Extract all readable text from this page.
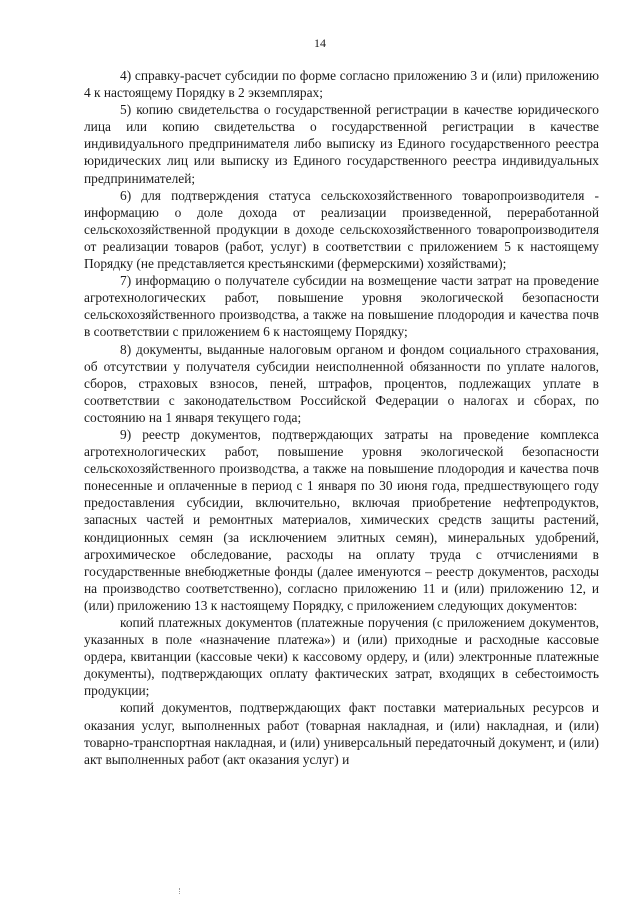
14

4) справку-расчет субсидии по форме согласно приложению 3 и (или) приложению 4 к настоящему Порядку в 2 экземплярах;

5) копию свидетельства о государственной регистрации в качестве юридического лица или копию свидетельства о государственной регистрации в качестве индивидуального предпринимателя либо выписку из Единого государственного реестра юридических лиц или выписку из Единого государственного реестра индивидуальных предпринимателей;

6) для подтверждения статуса сельскохозяйственного товаропроизводителя - информацию о доле дохода от реализации произведенной, переработанной сельскохозяйственной продукции в доходе сельскохозяйственного товаропроизводителя от реализации товаров (работ, услуг) в соответствии с приложением 5 к настоящему Порядку (не представляется крестьянскими (фермерскими) хозяйствами);

7) информацию о получателе субсидии на возмещение части затрат на проведение агротехнологических работ, повышение уровня экологической безопасности сельскохозяйственного производства, а также на повышение плодородия и качества почв в соответствии с приложением 6 к настоящему Порядку;

8) документы, выданные налоговым органом и фондом социального страхования, об отсутствии у получателя субсидии неисполненной обязанности по уплате налогов, сборов, страховых взносов, пеней, штрафов, процентов, подлежащих уплате в соответствии с законодательством Российской Федерации о налогах и сборах, по состоянию на 1 января текущего года;

9) реестр документов, подтверждающих затраты на проведение комплекса агротехнологических работ, повышение уровня экологической безопасности сельскохозяйственного производства, а также на повышение плодородия и качества почв понесенные и оплаченные в период с 1 января по 30 июня года, предшествующего году предоставления субсидии, включительно, включая приобретение нефтепродуктов, запасных частей и ремонтных материалов, химических средств защиты растений, кондиционных семян (за исключением элитных семян), минеральных удобрений, агрохимическое обследование, расходы на оплату труда с отчислениями в государственные внебюджетные фонды (далее именуются – реестр документов, расходы на производство соответственно), согласно приложению 11 и (или) приложению 12, и (или) приложению 13 к настоящему Порядку, с приложением следующих документов:

копий платежных документов (платежные поручения (с приложением документов, указанных в поле «назначение платежа») и (или) приходные и расходные кассовые ордера, квитанции (кассовые чеки) к кассовому ордеру, и (или) электронные платежные документы), подтверждающих оплату фактических затрат, входящих в себестоимость продукции;

копий документов, подтверждающих факт поставки материальных ресурсов и оказания услуг, выполненных работ (товарная накладная, и (или) накладная, и (или) товарно-транспортная накладная, и (или) универсальный передаточный документ, и (или) акт выполненных работ (акт оказания услуг) и
